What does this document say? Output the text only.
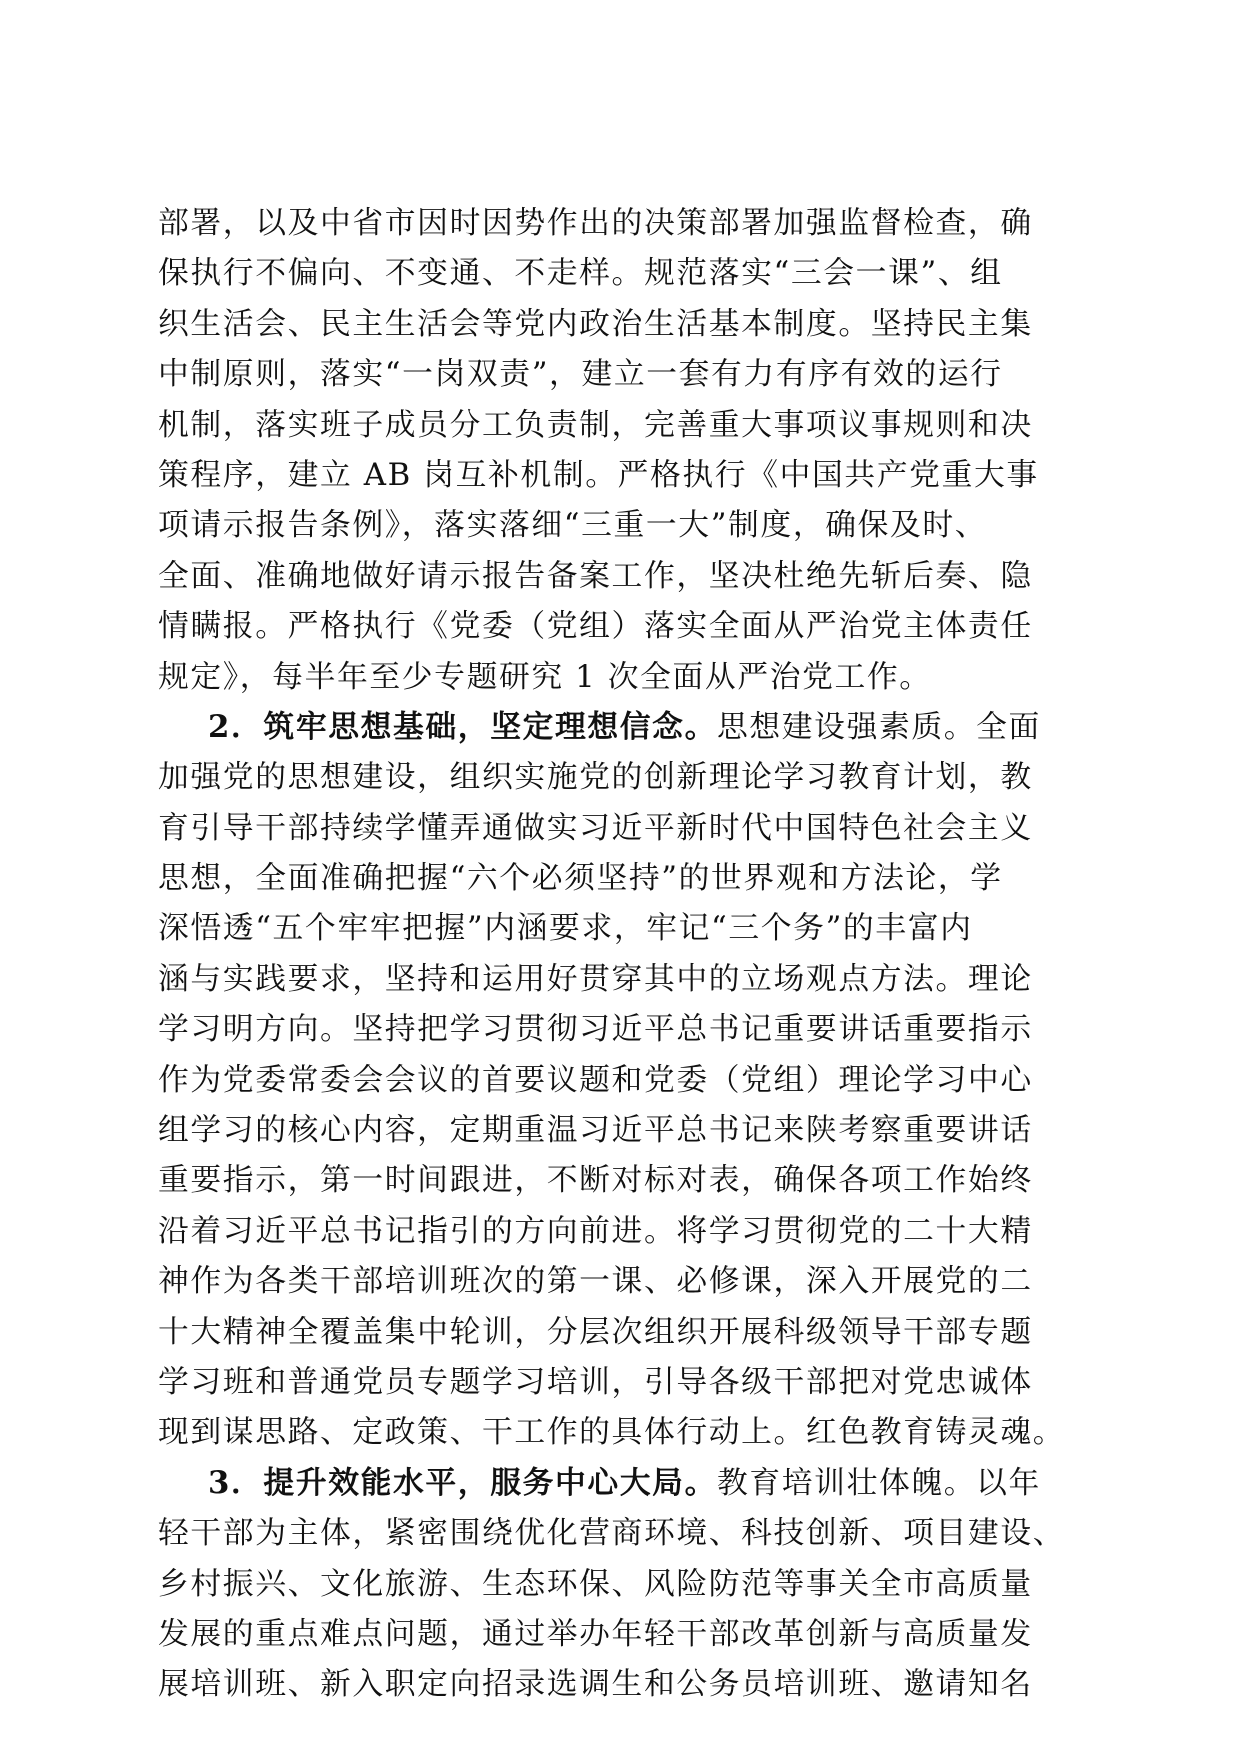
部署，以及中省市因时因势作出的决策部署加强监督检查，确
保执行不偏向、不变通、不走样。规范落实“三会一课”、组
织生活会、民主生活会等党内政治生活基本制度。坚持民主集
中制原则，落实“一岗双责”，建立一套有力有序有效的运行
机制，落实班子成员分工负责制，完善重大事项议事规则和决
策程序，建立 AB 岗互补机制。严格执行《中国共产党重大事
项请示报告条例》，落实落细“三重一大”制度，确保及时、
全面、准确地做好请示报告备案工作，坚决杜绝先斩后奏、隐
情瞒报。严格执行《党委（党组）落实全面从严治党主体责任
规定》，每半年至少专题研究 1 次全面从严治党工作。
2．筑牢思想基础，坚定理想信念。思想建设强素质。全面
加强党的思想建设，组织实施党的创新理论学习教育计划，教
育引导干部持续学懂弄通做实习近平新时代中国特色社会主义
思想，全面准确把握“六个必须坚持”的世界观和方法论，学
深悟透“五个牢牢把握”内涵要求，牢记“三个务”的丰富内
涵与实践要求，坚持和运用好贯穿其中的立场观点方法。理论
学习明方向。坚持把学习贯彻习近平总书记重要讲话重要指示
作为党委常委会会议的首要议题和党委（党组）理论学习中心
组学习的核心内容，定期重温习近平总书记来陕考察重要讲话
重要指示，第一时间跟进，不断对标对表，确保各项工作始终
沿着习近平总书记指引的方向前进。将学习贯彻党的二十大精
神作为各类干部培训班次的第一课、必修课，深入开展党的二
十大精神全覆盖集中轮训，分层次组织开展科级领导干部专题
学习班和普通党员专题学习培训，引导各级干部把对党忠诚体
现到谋思路、定政策、干工作的具体行动上。红色教育铸灵魂。
3．提升效能水平，服务中心大局。教育培训壮体魄。以年
轻干部为主体，紧密围绕优化营商环境、科技创新、项目建设、
乡村振兴、文化旅游、生态环保、风险防范等事关全市高质量
发展的重点难点问题，通过举办年轻干部改革创新与高质量发
展培训班、新入职定向招录选调生和公务员培训班、邀请知名
